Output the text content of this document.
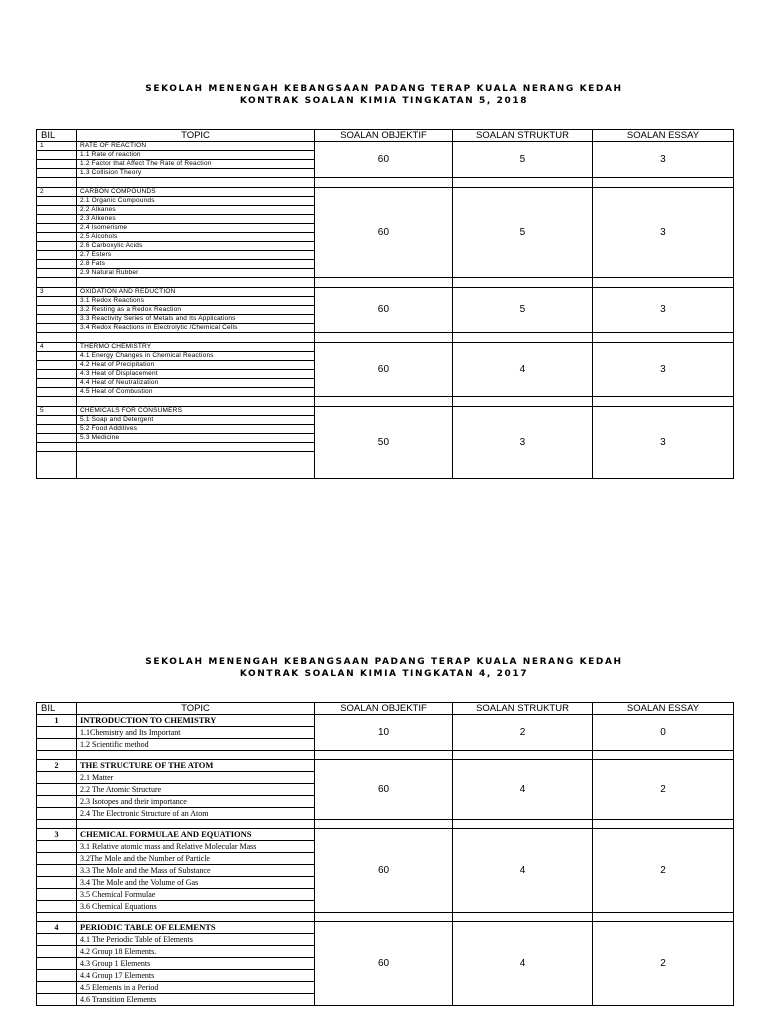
SEKOLAH MENENGAH KEBANGSAAN PADANG TERAP KUALA NERANG KEDAH
KONTRAK SOALAN KIMIA TINGKATAN 5, 2018
BIL	TOPIC	SOALAN OBJEKTIF	SOALAN STRUKTUR	SOALAN ESSAY
1	RATE OF REACTION	60	5	3
	1.1 Rate of reaction			
	1.2 Factor that Affect The Rate of Reaction			
	1.3 Collision Theory			

2	CARBON COMPOUNDS	60	5	3
	2.1 Organic Compounds			
	2.2 Alkanes			
	2.3 Alkenes			
	2.4 Isomerisme			
	2.5 Alcohols			
	2.6 Carboxylic Acids			
	2.7 Esters			
	2.8 Fats			
	2.9 Natural Rubber			

3	OXIDATION AND REDUCTION	60	5	3
	3.1 Redox Reactions			
	3.2 Resting as a Redox Reaction			
	3.3 Reactivity Series of Metals and Its Applications			
	3.4 Redox Reactions in Electrolytic /Chemical Cells			

4	THERMO CHEMISTRY	60	4	3
	4.1 Energy Changes in Chemical Reactions			
	4.2 Heat of Precipitation			
	4.3 Heat of Displacement			
	4.4 Heat of Neutralization			
	4.5 Heat of Combustion			

5	CHEMICALS FOR CONSUMERS	50	3	3
	5.1 Soap and Detergent			
	5.2 Food Additives			
	5.3 Medicine			

SEKOLAH MENENGAH KEBANGSAAN PADANG TERAP KUALA NERANG KEDAH
KONTRAK SOALAN KIMIA TINGKATAN 4, 2017
BIL	TOPIC	SOALAN OBJEKTIF	SOALAN STRUKTUR	SOALAN ESSAY
1	INTRODUCTION TO CHEMISTRY	10	2	0
	1.1Chemistry and Its Important			
	1.2 Scientific method			

2	THE STRUCTURE OF THE ATOM	60	4	2
	2.1 Matter			
	2.2 The Atomic Structure			
	2.3 Isotopes and their importance			
	2.4 The Electronic Structure of an Atom			

3	CHEMICAL FORMULAE AND EQUATIONS	60	4	2
	3.1 Relative atomic mass and Relative Molecular Mass			
	3.2The Mole and the Number of Particle			
	3.3 The Mole and the Mass of Substance			
	3.4 The Mole and the Volume of Gas			
	3.5 Chemical Formulae			
	3.6 Chemical Equations			

4	PERIODIC TABLE OF ELEMENTS	60	4	2
	4.1 The Periodic Table of Elements			
	4.2 Group 18 Elements.			
	4.3 Group 1 Elements			
	4.4 Group 17 Elements			
	4.5 Elements in a Period			
	4.6 Transition Elements			
